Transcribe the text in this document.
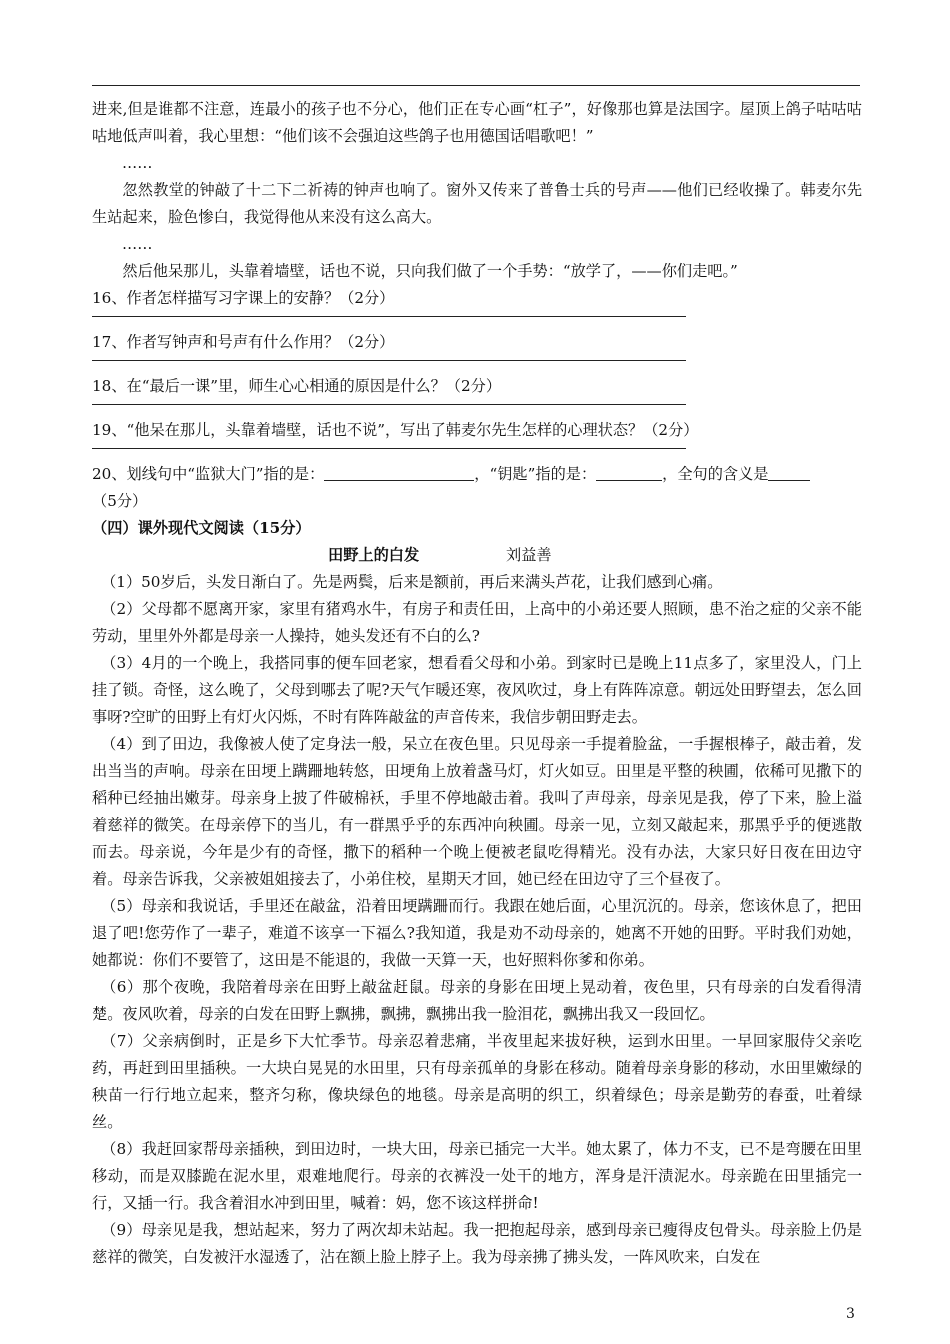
进来,但是谁都不注意，连最小的孩子也不分心，他们正在专心画“杠子”，好像那也算是法国字。屋顶上鸽子咕咕咕咕地低声叫着，我心里想：“他们该不会强迫这些鸽子也用德国话唱歌吧！”

……

忽然教堂的钟敲了十二下二祈祷的钟声也响了。窗外又传来了普鲁士兵的号声——他们已经收操了。韩麦尔先生站起来，脸色惨白，我觉得他从来没有这么高大。

……

然后他呆那儿，头靠着墙壁，话也不说，只向我们做了一个手势：“放学了，——你们走吧。”

16、作者怎样描写习字课上的安静？（2分）

17、作者写钟声和号声有什么作用？（2分）

18、在“最后一课”里，师生心心相通的原因是什么？（2分）

19、“他呆在那儿，头靠着墙壁，话也不说”，写出了韩麦尔先生怎样的心理状态？（2分）

20、划线句中“监狱大门”指的是：	，“钥匙”指的是：	，全句的含义是

（5分）

（四）课外现代文阅读（15分）

田野上的白发	刘益善

（1）50岁后，头发日渐白了。先是两鬓，后来是额前，再后来满头芦花，让我们感到心痛。

（2）父母都不愿离开家，家里有猪鸡水牛，有房子和责任田，上高中的小弟还要人照顾，患不治之症的父亲不能劳动，里里外外都是母亲一人操持，她头发还有不白的么?

（3）4月的一个晚上，我搭同事的便车回老家，想看看父母和小弟。到家时已是晚上11点多了，家里没人，门上挂了锁。奇怪，这么晚了，父母到哪去了呢?天气乍暖还寒，夜风吹过，身上有阵阵凉意。朝远处田野望去，怎么回事呀?空旷的田野上有灯火闪烁，不时有阵阵敲盆的声音传来，我信步朝田野走去。

（4）到了田边，我像被人使了定身法一般，呆立在夜色里。只见母亲一手提着脸盆，一手握根棒子，敲击着，发出当当的声响。母亲在田埂上蹒跚地转悠，田埂角上放着盏马灯，灯火如豆。田里是平整的秧圃，依稀可见撒下的稻种已经抽出嫩芽。母亲身上披了件破棉袄，手里不停地敲击着。我叫了声母亲，母亲见是我，停了下来，脸上溢着慈祥的微笑。在母亲停下的当儿，有一群黑乎乎的东西冲向秧圃。母亲一见，立刻又敲起来，那黑乎乎的便逃散而去。母亲说，今年是少有的奇怪，撒下的稻种一个晚上便被老鼠吃得精光。没有办法，大家只好日夜在田边守着。母亲告诉我，父亲被姐姐接去了，小弟住校，星期天才回，她已经在田边守了三个昼夜了。

（5）母亲和我说话，手里还在敲盆，沿着田埂蹒跚而行。我跟在她后面，心里沉沉的。母亲，您该休息了，把田退了吧!您劳作了一辈子，难道不该享一下福么?我知道，我是劝不动母亲的，她离不开她的田野。平时我们劝她，她都说：你们不要管了，这田是不能退的，我做一天算一天，也好照料你爹和你弟。

（6）那个夜晚，我陪着母亲在田野上敲盆赶鼠。母亲的身影在田埂上晃动着，夜色里，只有母亲的白发看得清楚。夜风吹着，母亲的白发在田野上飘拂，飘拂，飘拂出我一脸泪花，飘拂出我又一段回忆。

（7）父亲病倒时，正是乡下大忙季节。母亲忍着悲痛，半夜里起来拔好秧，运到水田里。一早回家服侍父亲吃药，再赶到田里插秧。一大块白晃晃的水田里，只有母亲孤单的身影在移动。随着母亲身影的移动，水田里嫩绿的秧苗一行行地立起来，整齐匀称，像块绿色的地毯。母亲是高明的织工，织着绿色；母亲是勤劳的春蚕，吐着绿丝。

（8）我赶回家帮母亲插秧，到田边时，一块大田，母亲已插完一大半。她太累了，体力不支，已不是弯腰在田里移动，而是双膝跪在泥水里，艰难地爬行。母亲的衣裤没一处干的地方，浑身是汗渍泥水。母亲跪在田里插完一行，又插一行。我含着泪水冲到田里，喊着：妈，您不该这样拼命!

（9）母亲见是我，想站起来，努力了两次却未站起。我一把抱起母亲，感到母亲已瘦得皮包骨头。母亲脸上仍是慈祥的微笑，白发被汗水湿透了，沾在额上脸上脖子上。我为母亲拂了拂头发，一阵风吹来，白发在

3
